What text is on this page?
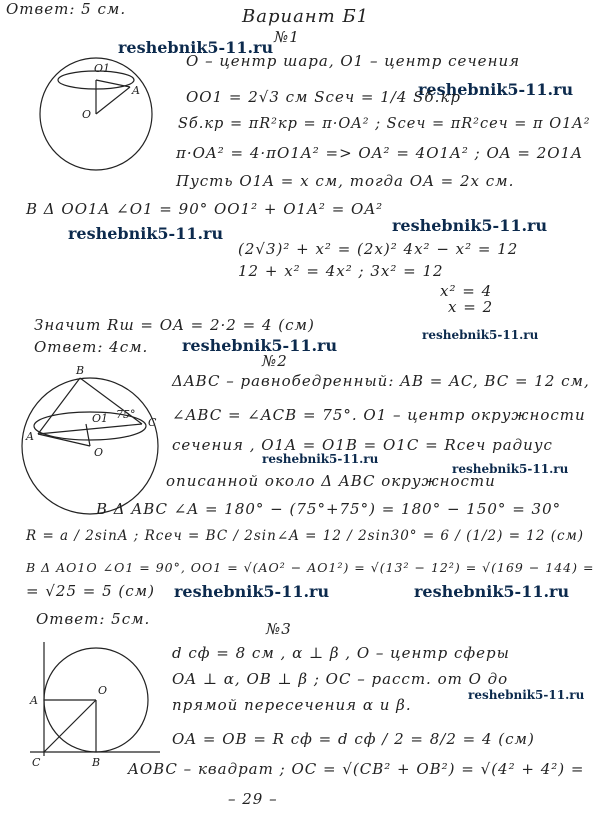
Ответ: 5 см.	Вариант Б1
reshebnik5-11.ru
reshebnik5-11.ru
reshebnik5-11.ru	reshebnik5-11.ru
reshebnik5-11.ru
reshebnik5-11.ru
reshebnik5-11.ru
reshebnik5-11.ru
reshebnik5-11.ru	reshebnik5-11.ru
reshebnik5-11.ru
№1
O1
O
A
O – центр шара, O1 – центр сечения
OO1 = 2√3 см Sсеч = 1/4 Sб.кр
Sб.кр = πR²кр = π·OA² ; Sсеч = πR²сеч = π O1A²
π·OA² = 4·πO1A² => OA² = 4O1A² ; OA = 2O1A
Пусть O1A = x см, тогда OA = 2x см.
В Δ OO1A ∠O1 = 90° OO1² + O1A² = OA²
(2√3)² + x² = (2x)² 4x² − x² = 12
12 + x² = 4x² ; 3x² = 12
x² = 4
x = 2
Значит Rш = OA = 2·2 = 4 (см)
Ответ: 4см.
№2
B
O1 75°
C
A
O
ΔABC – равнобедренный: AB = AC, BC = 12 см,
∠ABC = ∠ACB = 75°. O1 – центр окружности
сечения , O1A = O1B = O1C = Rсеч радиус
описанной около Δ ABC окружности
В Δ ABC ∠A = 180° − (75°+75°) = 180° − 150° = 30°
R = a / 2sinA ; Rсеч = BC / 2sin∠A = 12 / 2sin30° = 6 / (1/2) = 12 (см)
В Δ AO1O ∠O1 = 90°, OO1 = √(AO² − AO1²) = √(13² − 12²) = √(169 − 144) =
= √25 = 5 (см)
Ответ: 5см.
№3
A
O
C	B
d сф = 8 см , α ⊥ β , O – центр сферы
OA ⊥ α, OB ⊥ β ; OC – расст. от O до
прямой пересечения α и β.
OA = OB = R сф = d сф / 2 = 8/2 = 4 (см)
AOBC – квадрат ; OC = √(CB² + OB²) = √(4² + 4²) =
– 29 –
